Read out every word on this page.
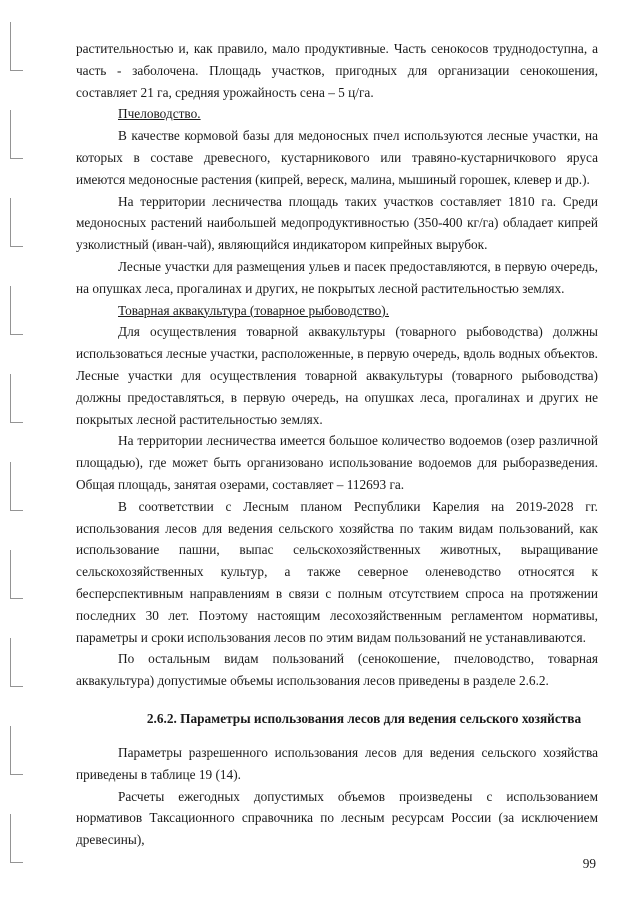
растительностью и, как правило, мало продуктивные. Часть сенокосов труднодоступна, а часть - заболочена. Площадь участков, пригодных для организации сенокошения, составляет 21 га, средняя урожайность сена – 5 ц/га.

Пчеловодство.

В качестве кормовой базы для медоносных пчел используются лесные участки, на которых в составе древесного, кустарникового или травяно-кустарничкового яруса имеются медоносные растения (кипрей, вереск, малина, мышиный горошек, клевер и др.).

На территории лесничества площадь таких участков составляет 1810 га. Среди медоносных растений наибольшей медопродуктивностью (350-400 кг/га) обладает кипрей узколистный (иван-чай), являющийся индикатором кипрейных вырубок.

Лесные участки для размещения ульев и пасек предоставляются, в первую очередь, на опушках леса, прогалинах и других, не покрытых лесной растительностью землях.

Товарная аквакультура (товарное рыбоводство).

Для осуществления товарной аквакультуры (товарного рыбоводства) должны использоваться лесные участки, расположенные, в первую очередь, вдоль водных объектов. Лесные участки для осуществления товарной аквакультуры (товарного рыбоводства) должны предоставляться, в первую очередь, на опушках леса, прогалинах и других не покрытых лесной растительностью землях.

На территории лесничества имеется большое количество водоемов (озер различной площадью), где может быть организовано использование водоемов для рыборазведения. Общая площадь, занятая озерами, составляет – 112693 га.

В соответствии с Лесным планом Республики Карелия на 2019-2028 гг. использования лесов для ведения сельского хозяйства по таким видам пользований, как использование пашни, выпас сельскохозяйственных животных, выращивание сельскохозяйственных культур, а также северное оленеводство относятся к бесперспективным направлениям в связи с полным отсутствием спроса на протяжении последних 30 лет. Поэтому настоящим лесохозяйственным регламентом нормативы, параметры и сроки использования лесов по этим видам пользований не устанавливаются.

По остальным видам пользований (сенокошение, пчеловодство, товарная аквакультура) допустимые объемы использования лесов приведены в разделе 2.6.2.

2.6.2. Параметры использования лесов для ведения сельского хозяйства

Параметры разрешенного использования лесов для ведения сельского хозяйства приведены в таблице 19 (14).

Расчеты ежегодных допустимых объемов произведены с использованием нормативов Таксационного справочника по лесным ресурсам России (за исключением древесины),

99
